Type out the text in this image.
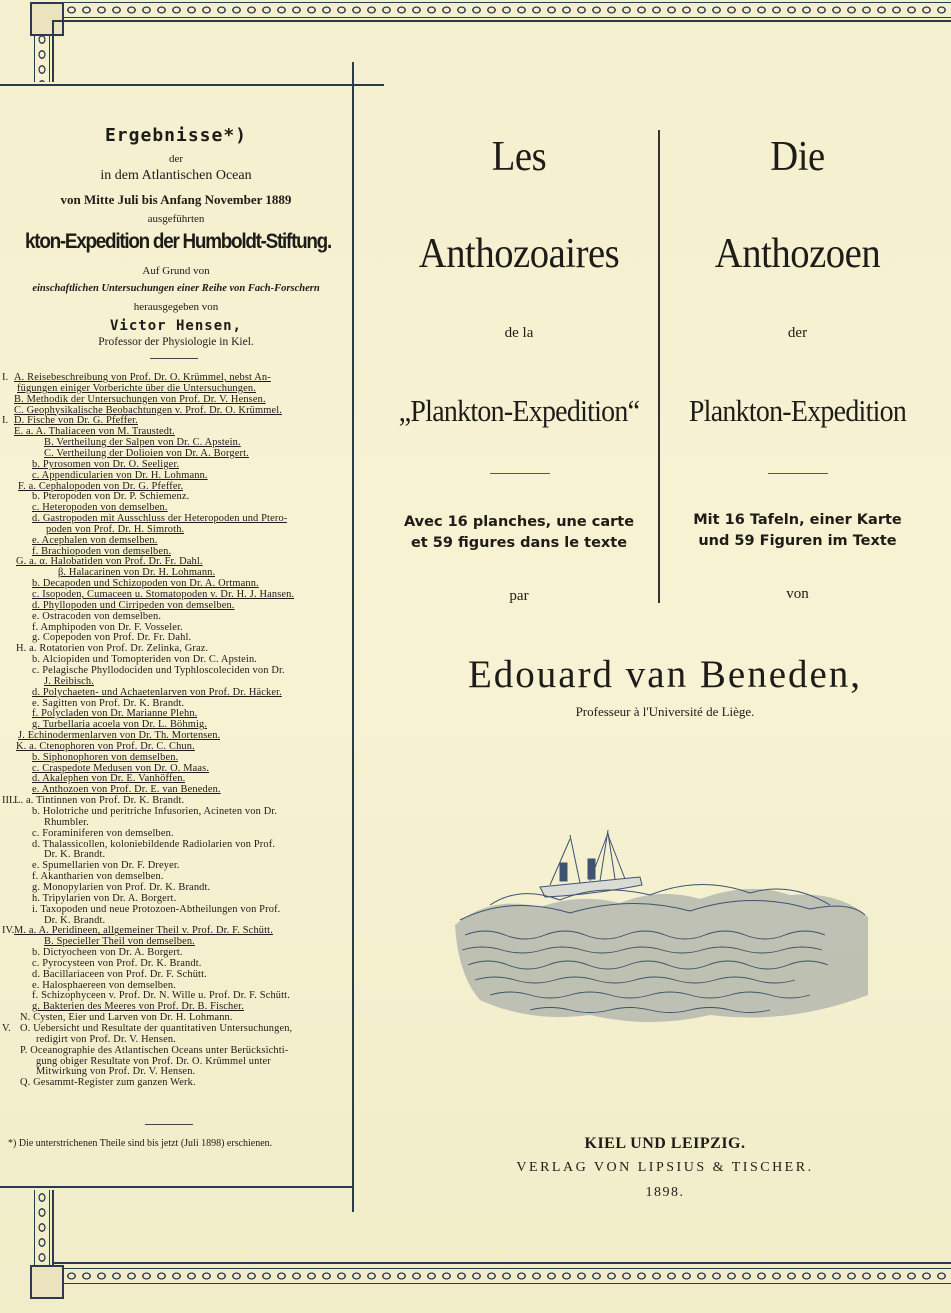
Ergebnisse*)
der
in dem Atlantischen Ocean
von Mitte Juli bis Anfang November 1889
ausgeführten
kton-Expedition der Humboldt-Stiftung.
Auf Grund von
einschaftlichen Untersuchungen einer Reihe von Fach-Forschern
herausgegeben von
Victor Hensen,
Professor der Physiologie in Kiel.
I. A. Reisebeschreibung von Prof. Dr. O. Krümmel, nebst An-
fügungen einiger Vorberichte über die Untersuchungen.
B. Methodik der Untersuchungen von Prof. Dr. V. Hensen.
C. Geophysikalische Beobachtungen v. Prof. Dr. O. Krümmel.
I. D. Fische von Dr. G. Pfeffer.
E. a. A. Thaliaceen von M. Traustedt.
B. Vertheilung der Salpen von Dr. C. Apstein.
C. Vertheilung der Dolioien von Dr. A. Borgert.
b. Pyrosomen von Dr. O. Seeliger.
c. Appendicularien von Dr. H. Lohmann.
F. a. Cephalopoden von Dr. G. Pfeffer.
b. Pteropoden von Dr. P. Schiemenz.
c. Heteropoden von demselben.
d. Gastropoden mit Ausschluss der Heteropoden und Ptero-
poden von Prof. Dr. H. Simroth.
e. Acephalen von demselben.
f. Brachiopoden von demselben.
G. a. α. Halobatiden von Prof. Dr. Fr. Dahl.
β. Halacarinen von Dr. H. Lohmann.
b. Decapoden und Schizopoden von Dr. A. Ortmann.
c. Isopoden, Cumaceen u. Stomatopoden v. Dr. H. J. Hansen.
d. Phyllopoden und Cirripeden von demselben.
e. Ostracoden von demselben.
f. Amphipoden von Dr. F. Vosseler.
g. Copepoden von Prof. Dr. Fr. Dahl.
H. a. Rotatorien von Prof. Dr. Zelinka, Graz.
b. Alciopiden und Tomopteriden von Dr. C. Apstein.
c. Pelagische Phyllodociden und Typhloscoleciden von Dr.
J. Reibisch.
d. Polychaeten- und Achaetenlarven von Prof. Dr. Häcker.
e. Sagitten von Prof. Dr. K. Brandt.
f. Polycladen von Dr. Marianne Plehn.
g. Turbellaria acoela von Dr. L. Böhmig.
J. Echinodermenlarven von Dr. Th. Mortensen.
K. a. Ctenophoren von Prof. Dr. C. Chun.
b. Siphonophoren von demselben.
c. Craspedote Medusen von Dr. O. Maas.
d. Akalephen von Dr. E. Vanhöffen.
e. Anthozoen von Prof. Dr. E. van Beneden.
III. L. a. Tintinnen von Prof. Dr. K. Brandt.
b. Holotriche und peritriche Infusorien, Acineten von Dr.
Rhumbler.
c. Foraminiferen von demselben.
d. Thalassicollen, koloniebildende Radiolarien von Prof.
Dr. K. Brandt.
e. Spumellarien von Dr. F. Dreyer.
f. Akantharien von demselben.
g. Monopylarien von Prof. Dr. K. Brandt.
h. Tripylarien von Dr. A. Borgert.
i. Taxopoden und neue Protozoen-Abtheilungen von Prof.
Dr. K. Brandt.
IV. M. a. A. Peridineen, allgemeiner Theil v. Prof. Dr. F. Schütt.
B. Specieller Theil von demselben.
b. Dictyocheen von Dr. A. Borgert.
c. Pyrocysteen von Prof. Dr. K. Brandt.
d. Bacillariaceen von Prof. Dr. F. Schütt.
e. Halosphaereen von demselben.
f. Schizophyceen v. Prof. Dr. N. Wille u. Prof. Dr. F. Schütt.
g. Bakterien des Meeres von Prof. Dr. B. Fischer.
N. Cysten, Eier und Larven von Dr. H. Lohmann.
V. O. Uebersicht und Resultate der quantitativen Untersuchungen,
redigirt von Prof. Dr. V. Hensen.
P. Oceanographie des Atlantischen Oceans unter Berücksichti-
gung obiger Resultate von Prof. Dr. O. Krümmel unter
Mitwirkung von Prof. Dr. V. Hensen.
Q. Gesammt-Register zum ganzen Werk.
*) Die unterstrichenen Theile sind bis jetzt (Juli 1898) erschienen.
Les
Anthozoaires
de la
„Plankton-Expedition“
Avec 16 planches, une carte
et 59 figures dans le texte
par
Die
Anthozoen
der
Plankton-Expedition
Mit 16 Tafeln, einer Karte
und 59 Figuren im Texte
von
Edouard van Beneden,
Professeur à l'Université de Liège.
KIEL UND LEIPZIG.
VERLAG VON LIPSIUS & TISCHER.
1898.
